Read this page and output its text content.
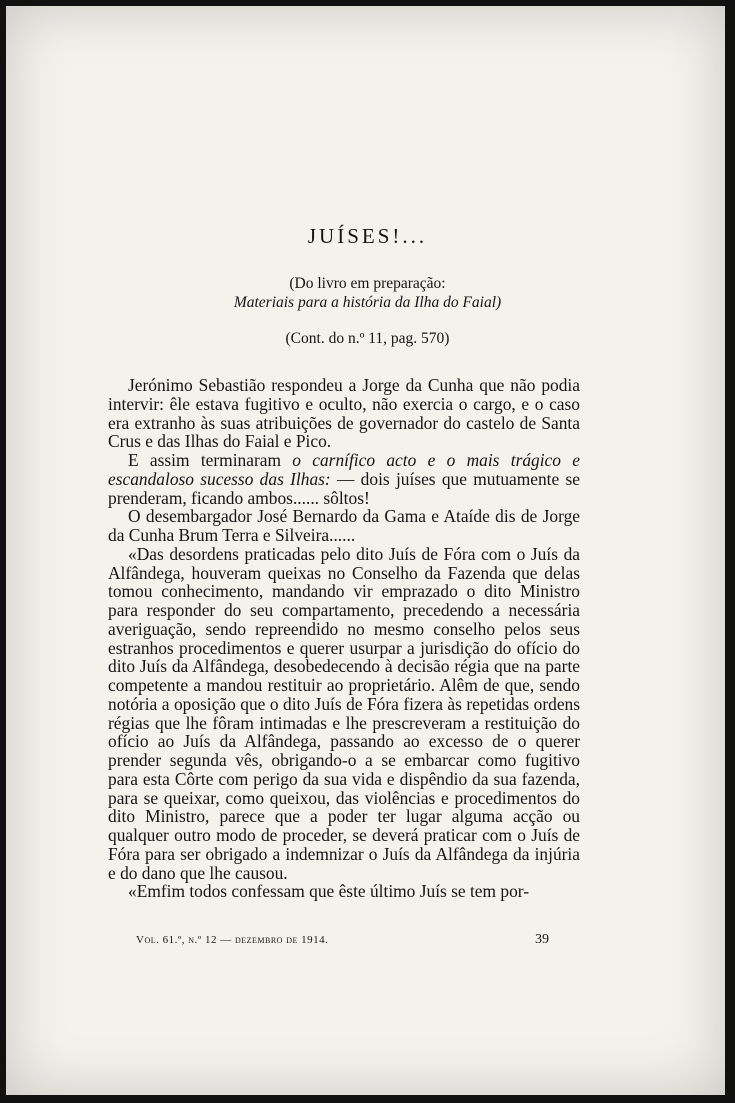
JUÍSES!...
(Do livro em preparação:
Materiais para a história da Ilha do Faial)
(Cont. do n.º 11, pag. 570)

Jerónimo Sebastião respondeu a Jorge da Cunha que não podia intervir: êle estava fugitivo e oculto, não exercia o cargo, e o caso era extranho às suas atribuições de governador do castelo de Santa Crus e das Ilhas do Faial e Pico.

E assim terminaram o carnífico acto e o mais trágico e escandaloso sucesso das Ilhas: — dois juíses que mutuamente se prenderam, ficando ambos...... sôltos!

O desembargador José Bernardo da Gama e Ataíde dis de Jorge da Cunha Brum Terra e Silveira......

«Das desordens praticadas pelo dito Juís de Fóra com o Juís da Alfândega, houveram queixas no Conselho da Fazenda que delas tomou conhecimento, mandando vir emprazado o dito Ministro para responder do seu compartamento, precedendo a necessária averiguação, sendo repreendido no mesmo conselho pelos seus estranhos procedimentos e querer usurpar a jurisdição do ofício do dito Juís da Alfândega, desobedecendo à decisão régia que na parte competente a mandou restituir ao proprietário. Alêm de que, sendo notória a oposição que o dito Juís de Fóra fizera às repetidas ordens régias que lhe fôram intimadas e lhe prescreveram a restituição do ofício ao Juís da Alfândega, passando ao excesso de o querer prender segunda vês, obrigando-o a se embarcar como fugitivo para esta Côrte com perigo da sua vida e dispêndio da sua fazenda, para se queixar, como queixou, das violências e procedimentos do dito Ministro, parece que a poder ter lugar alguma acção ou qualquer outro modo de proceder, se deverá praticar com o Juís de Fóra para ser obrigado a indemnizar o Juís da Alfândega da injúria e do dano que lhe causou.

«Emfim todos confessam que êste último Juís se tem por-

Vol. 61.º, n.º 12 — dezembro de 1914.	39
